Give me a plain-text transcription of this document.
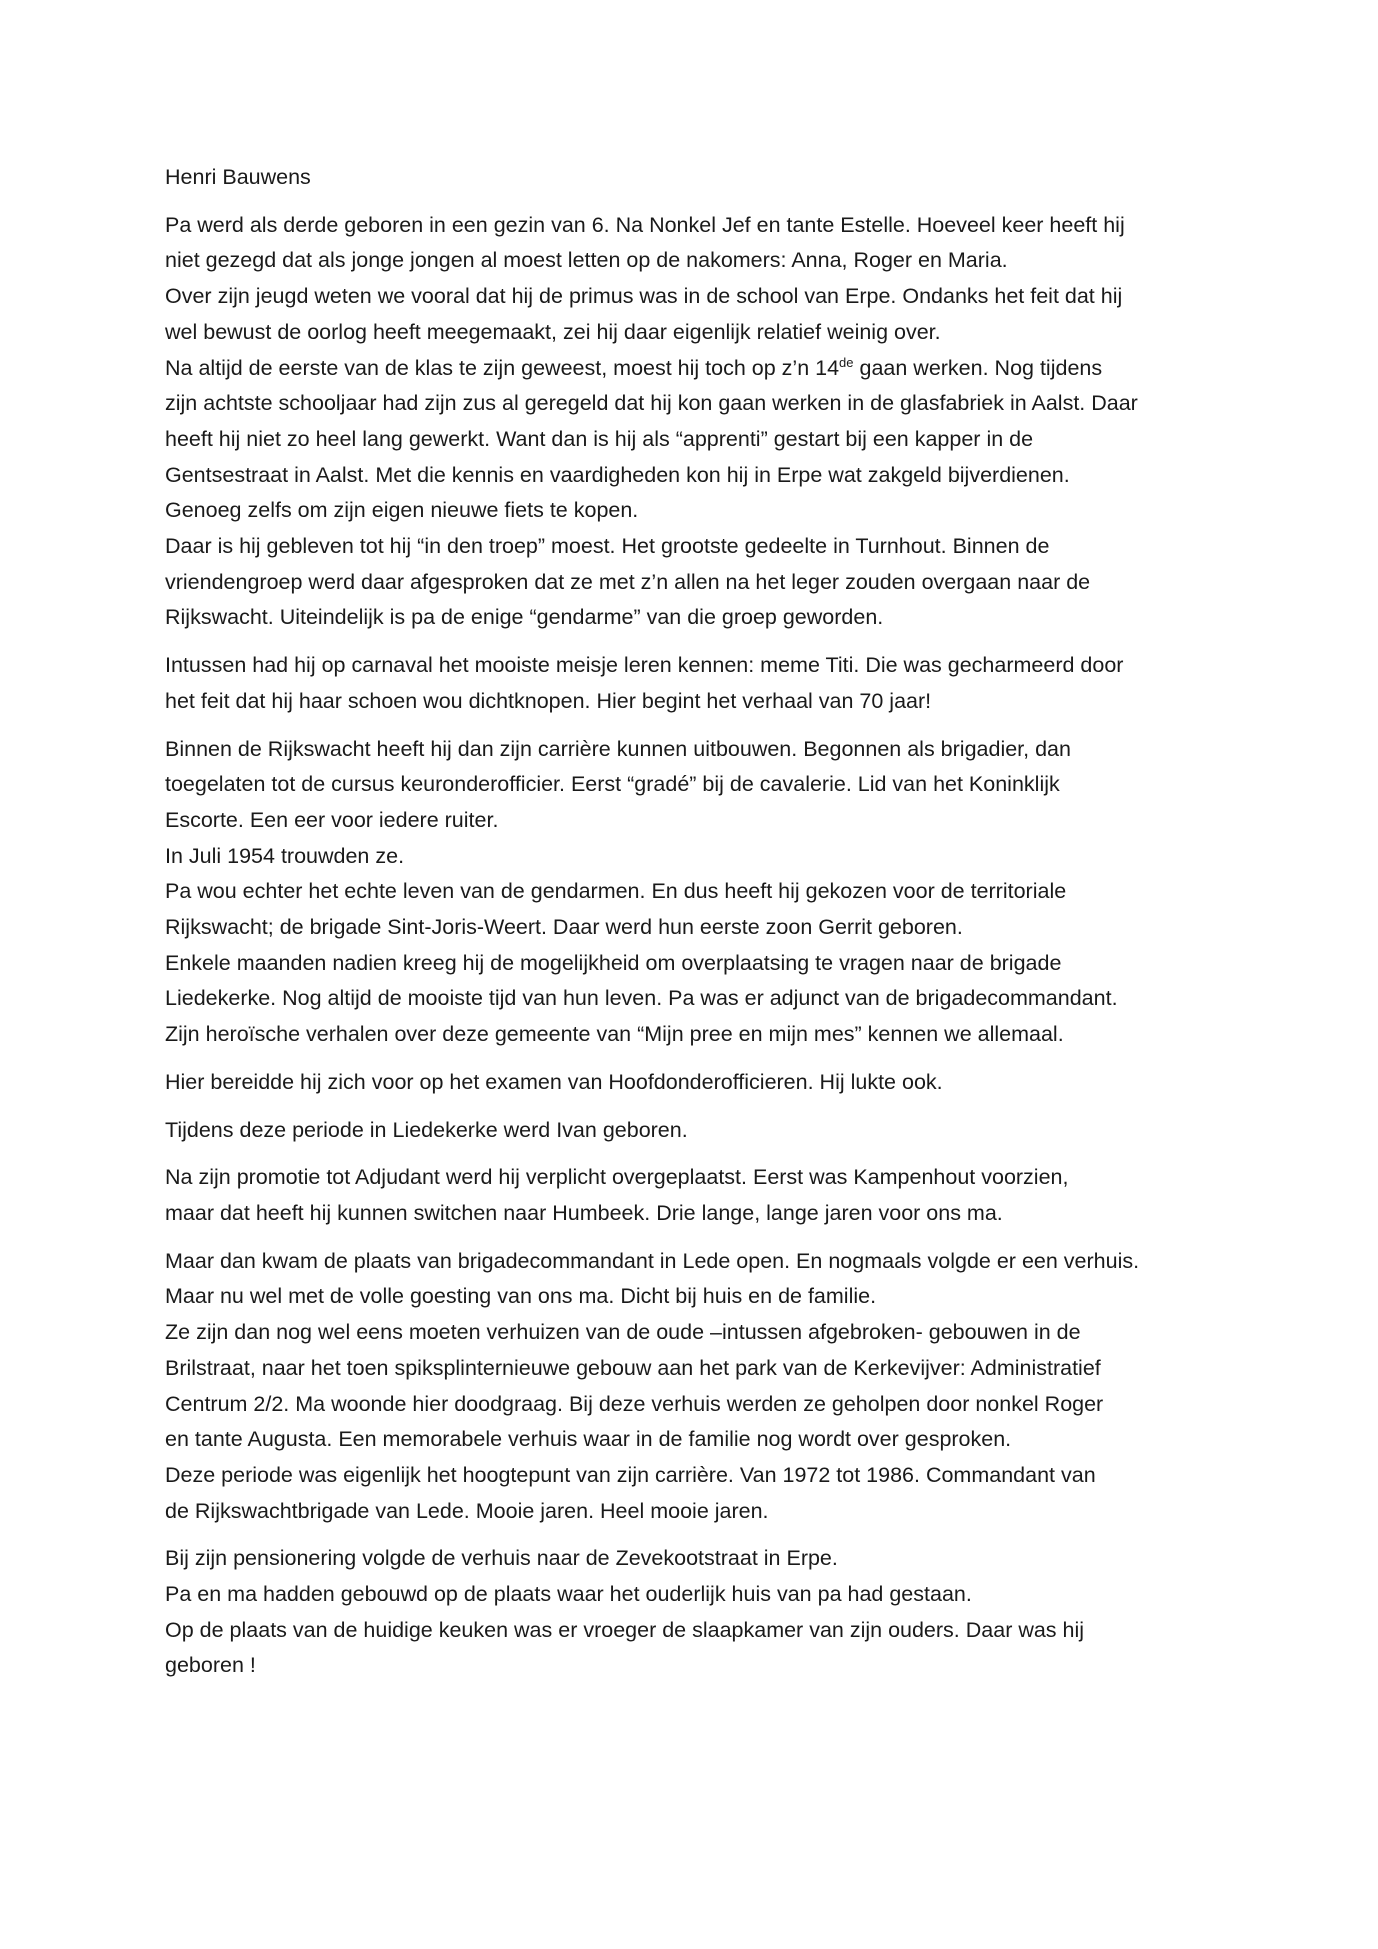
Henri Bauwens
Pa werd als derde geboren in een gezin van 6. Na Nonkel Jef en tante Estelle. Hoeveel keer heeft hij
niet gezegd dat als jonge jongen al moest letten op de nakomers: Anna, Roger en Maria.
Over zijn jeugd weten we vooral dat hij de primus was in de school van Erpe. Ondanks het feit dat hij
wel bewust de oorlog heeft meegemaakt, zei hij daar eigenlijk relatief weinig over.
Na altijd de eerste van de klas te zijn geweest, moest hij toch op z’n 14de gaan werken. Nog tijdens
zijn achtste schooljaar had zijn zus al geregeld dat hij kon gaan werken in de glasfabriek in Aalst. Daar
heeft hij niet zo heel lang gewerkt. Want dan is hij als “apprenti” gestart bij een kapper in de
Gentsestraat in Aalst. Met die kennis en vaardigheden kon hij in Erpe wat zakgeld bijverdienen.
Genoeg zelfs om zijn eigen nieuwe fiets te kopen.
Daar is hij gebleven tot hij “in den troep” moest. Het grootste gedeelte in Turnhout. Binnen de
vriendengroep werd daar afgesproken dat ze met z’n allen na het leger zouden overgaan naar de
Rijkswacht. Uiteindelijk is pa de enige “gendarme” van die groep geworden.
Intussen had hij op carnaval het mooiste meisje leren kennen: meme Titi. Die was gecharmeerd door
het feit dat hij haar schoen wou dichtknopen. Hier begint het verhaal van 70 jaar!
Binnen de Rijkswacht heeft hij dan zijn carrière kunnen uitbouwen. Begonnen als brigadier, dan
toegelaten tot de cursus keuronderofficier. Eerst “gradé” bij de cavalerie. Lid van het Koninklijk
Escorte. Een eer voor iedere ruiter.
In Juli 1954 trouwden ze.
Pa wou echter het echte leven van de gendarmen. En dus heeft hij gekozen voor de territoriale
Rijkswacht; de brigade Sint-Joris-Weert. Daar werd hun eerste zoon Gerrit geboren.
Enkele maanden nadien kreeg hij de mogelijkheid om overplaatsing te vragen naar de brigade
Liedekerke. Nog altijd de mooiste tijd van hun leven. Pa was er adjunct van de brigadecommandant.
Zijn heroïsche verhalen over deze gemeente van “Mijn pree en mijn mes” kennen we allemaal.
Hier bereidde hij zich voor op het examen van Hoofdonderofficieren. Hij lukte ook.
Tijdens deze periode in Liedekerke werd Ivan geboren.
Na zijn promotie tot Adjudant werd hij verplicht overgeplaatst. Eerst was Kampenhout voorzien,
maar dat heeft hij kunnen switchen naar Humbeek. Drie lange, lange jaren voor ons ma.
Maar dan kwam de plaats van brigadecommandant in Lede open. En nogmaals volgde er een verhuis.
Maar nu wel met de volle goesting van ons ma. Dicht bij huis en de familie.
Ze zijn dan nog wel eens moeten verhuizen van de oude –intussen afgebroken- gebouwen in de
Brilstraat, naar het toen spiksplinternieuwe gebouw aan het park van de Kerkevijver: Administratief
Centrum 2/2. Ma woonde hier doodgraag. Bij deze verhuis werden ze geholpen door nonkel Roger
en tante Augusta. Een memorabele verhuis waar in de familie nog wordt over gesproken.
Deze periode was eigenlijk het hoogtepunt van zijn carrière. Van 1972 tot 1986. Commandant van
de Rijkswachtbrigade van Lede. Mooie jaren. Heel mooie jaren.
Bij zijn pensionering volgde de verhuis naar de Zevekootstraat in Erpe.
Pa en ma hadden gebouwd op de plaats waar het ouderlijk huis van pa had gestaan.
Op de plaats van de huidige keuken was er vroeger de slaapkamer van zijn ouders. Daar was hij
geboren !
